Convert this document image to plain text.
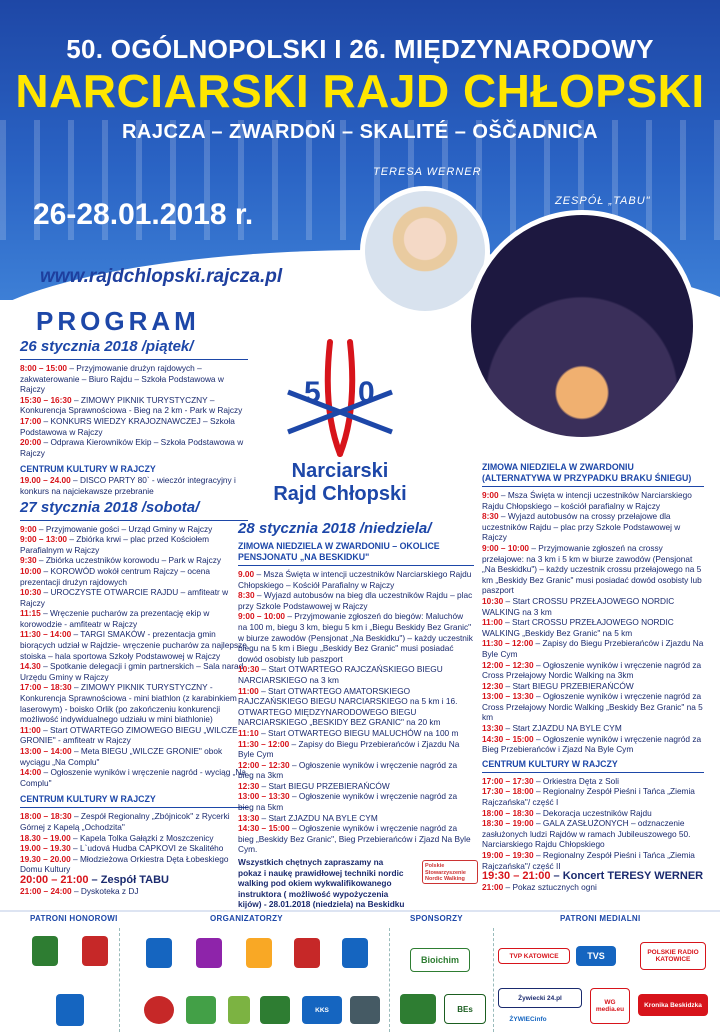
50. OGÓLNOPOLSKI I 26. MIĘDZYNARODOWY
NARCIARSKI RAJD CHŁOPSKI
RAJCZA – ZWARDOŃ – SKALITÉ – OŠČADNICA
26-28.01.2018 r.
www.rajdchlopski.rajcza.pl
TERESA WERNER
ZESPÓŁ „TABU"
PROGRAM
5 0
Narciarski
Rajd Chłopski
26 stycznia 2018 /piątek/

8:00 – 15:00 – Przyjmowanie drużyn rajdowych – zakwaterowanie – Biuro Rajdu – Szkoła Podstawowa w Rajczy

15:30 – 16:30 – ZIMOWY PIKNIK TURYSTYCZNY – Konkurencja Sprawnościowa - Bieg na 2 km - Park w Rajczy

17:00 – KONKURS WIEDZY KRAJOZNAWCZEJ – Szkoła Podstawowa w Rajczy

20:00 – Odprawa Kierowników Ekip – Szkoła Podstawowa w Rajczy

CENTRUM KULTURY W RAJCZY

19.00 – 24.00 – DISCO PARTY 80` - wieczór integracyjny i konkurs na najciekawsze przebranie

27 stycznia 2018 /sobota/

9:00 – Przyjmowanie gości – Urząd Gminy w Rajczy

9:00 – 13:00 – Zbiórka krwi – plac przed Kościołem Parafialnym w Rajczy

9:30 – Zbiórka uczestników korowodu – Park w Rajczy

10:00 – KOROWÓD wokół centrum Rajczy – ocena prezentacji drużyn rajdowych

10:30 – UROCZYSTE OTWARCIE RAJDU – amfiteatr w Rajczy

11:15 – Wręczenie pucharów za prezentację ekip w korowodzie - amfiteatr w Rajczy

11:30 – 14:00 – TARGI SMAKÓW - prezentacja gmin biorących udział w Rajdzie- wręczenie pucharów za najlepsze stoiska – hala sportowa Szkoły Podstawowej w Rajczy

14.30 – Spotkanie delegacji i gmin partnerskich – Sala narad Urzędu Gminy w Rajczy

17:00 – 18:30 – ZIMOWY PIKNIK TURYSTYCZNY - Konkurencja Sprawnościowa - mini biathlon (z karabinkiem laserowym) - boisko Orlik (po zakończeniu konkurencji możliwość indywidualnego udziału w mini biathlonie)

11:00 – Start OTWARTEGO ZIMOWEGO BIEGU „WILCZE GRONIE" - amfiteatr w Rajczy

13:00 – 14:00 – Meta BIEGU „WILCZE GRONIE" obok wyciągu „Na Complu"

14:00 – Ogłoszenie wyników i wręczenie nagród - wyciąg „Na Complu"

CENTRUM KULTURY W RAJCZY

18:00 – 18:30 – Zespół Regionalny „Zbójnicok" z Rycerki Górnej z Kapelą „Ochodzita"

18.30 – 19.00 – Kapela Tolka Gałązki z Moszczenicy

19.00 – 19.30 – L`udová Hudba CAPKOVI ze Skalitého

19.30 – 20.00 – Młodzieżowa Orkiestra Dęta Łobeskiego Domu Kultury

20:00 – 21:00 – Zespół TABU

21:00 – 24:00 – Dyskoteka z DJ

28 stycznia 2018 /niedziela/
ZIMOWA NIEDZIELA W ZWARDONIU – OKOLICE PENSJONATU „NA BESKIDKU"

9.00 – Msza Święta w intencji uczestników Narciarskiego Rajdu Chłopskiego – Kościół Parafialny w Rajczy

8:30 – Wyjazd autobusów na bieg dla uczestników Rajdu – plac przy Szkole Podstawowej w Rajczy

9:00 – 10:00 – Przyjmowanie zgłoszeń do biegów: Maluchów na 100 m, biegu 3 km, biegu 5 km i „Biegu Beskidy Bez Granic" w biurze zawodów (Pensjonat „Na Beskidku") – każdy uczestnik biegu na 5 km i Biegu „Beskidy Bez Granic" musi posiadać dowód osobisty lub paszport

10:30 – Start OTWARTEGO RAJCZAŃSKIEGO BIEGU NARCIARSKIEGO na 3 km

11:00 – Start OTWARTEGO AMATORSKIEGO RAJCZAŃSKIEGO BIEGU NARCIARSKIEGO na 5 km i 16. OTWARTEGO MIĘDZYNARODOWEGO BIEGU NARCIARSKIEGO „BESKIDY BEZ GRANIC" na 20 km

11:10 – Start OTWARTEGO BIEGU MALUCHÓW na 100 m

11:30 – 12:00 – Zapisy do Biegu Przebierańców i Zjazdu Na Byle Cym

12:00 – 12:30 – Ogłoszenie wyników i wręczenie nagród za bieg na 3km

12:30 – Start BIEGU PRZEBIERAŃCÓW

13:00 – 13:30 – Ogłoszenie wyników i wręczenie nagród za bieg na 5km

13:30 – Start ZJAZDU NA BYLE CYM

14:30 – 15:00 – Ogłoszenie wyników i wręczenie nagród za bieg „Beskidy Bez Granic", Bieg Przebierańców i Zjazd Na Byle Cym.

Wszystkich chętnych zapraszamy na pokaz i naukę prawidłowej techniki nordic walking pod okiem wykwalifikowanego instruktora ( możliwość wypożyczenia kijów) - 28.01.2018 (niedziela) na Beskidku

Polskie Stowarzyszenie Nordic Walking
ZIMOWA NIEDZIELA W ZWARDONIU (ALTERNATYWA W PRZYPADKU BRAKU ŚNIEGU)

9:00 – Msza Święta w intencji uczestników Narciarskiego Rajdu Chłopskiego – kościół parafialny w Rajczy

8:30 – Wyjazd autobusów na crossy przełajowe dla uczestników Rajdu – plac przy Szkole Podstawowej w Rajczy

9:00 – 10:00 – Przyjmowanie zgłoszeń na crossy przełajowe: na 3 km i 5 km w biurze zawodów (Pensjonat „Na Beskidku") – każdy uczestnik crossu przełajowego na 5 km „Beskidy Bez Granic" musi posiadać dowód osobisty lub paszport

10:30 – Start CROSSU PRZEŁAJOWEGO NORDIC WALKING na 3 km

11:00 – Start CROSSU PRZEŁAJOWEGO NORDIC WALKING „Beskidy Bez Granic" na 5 km

11:30 – 12:00 – Zapisy do Biegu Przebierańców i Zjazdu Na Byle Cym

12:00 – 12:30 – Ogłoszenie wyników i wręczenie nagród za Cross Przełajowy Nordic Walking na 3km

12:30 – Start BIEGU PRZEBIERAŃCÓW

13:00 – 13:30 – Ogłoszenie wyników i wręczenie nagród za Cross Przełajowy Nordic Walking „Beskidy Bez Granic" na 5 km

13:30 – Start ZJAZDU NA BYLE CYM

14:30 – 15:00 – Ogłoszenie wyników i wręczenie nagród za Bieg Przebierańców i Zjazd Na Byle Cym

CENTRUM KULTURY W RAJCZY

17:00 – 17:30 – Orkiestra Dęta z Soli

17:30 – 18:00 – Regionalny Zespół Pieśni i Tańca „Ziemia Rajczańska"/ część I

18:00 – 18:30 – Dekoracja uczestników Rajdu

18:30 – 19:00 – GALA ZASŁUŻONYCH – odznaczenie zasłużonych ludzi Rajdów w ramach Jubileuszowego 50. Narciarskiego Rajdu Chłopskiego

19:00 – 19:30 – Regionalny Zespół Pieśni i Tańca „Ziemia Rajczańska"/ część II

19:30 – 21:00 – Koncert TERESY WERNER

21:00 – Pokaz sztucznych ogni

PATRONI HONOROWI	ORGANIZATORZY	SPONSORZY	PATRONI MEDIALNI
KKS
Bioichim
BEs
TVP KATOWICE	TVS	POLSKIE RADIO KATOWICE
Żywiecki 24.pl
ŻYWIECinfo
WG media.eu
Kronika Beskidzka
